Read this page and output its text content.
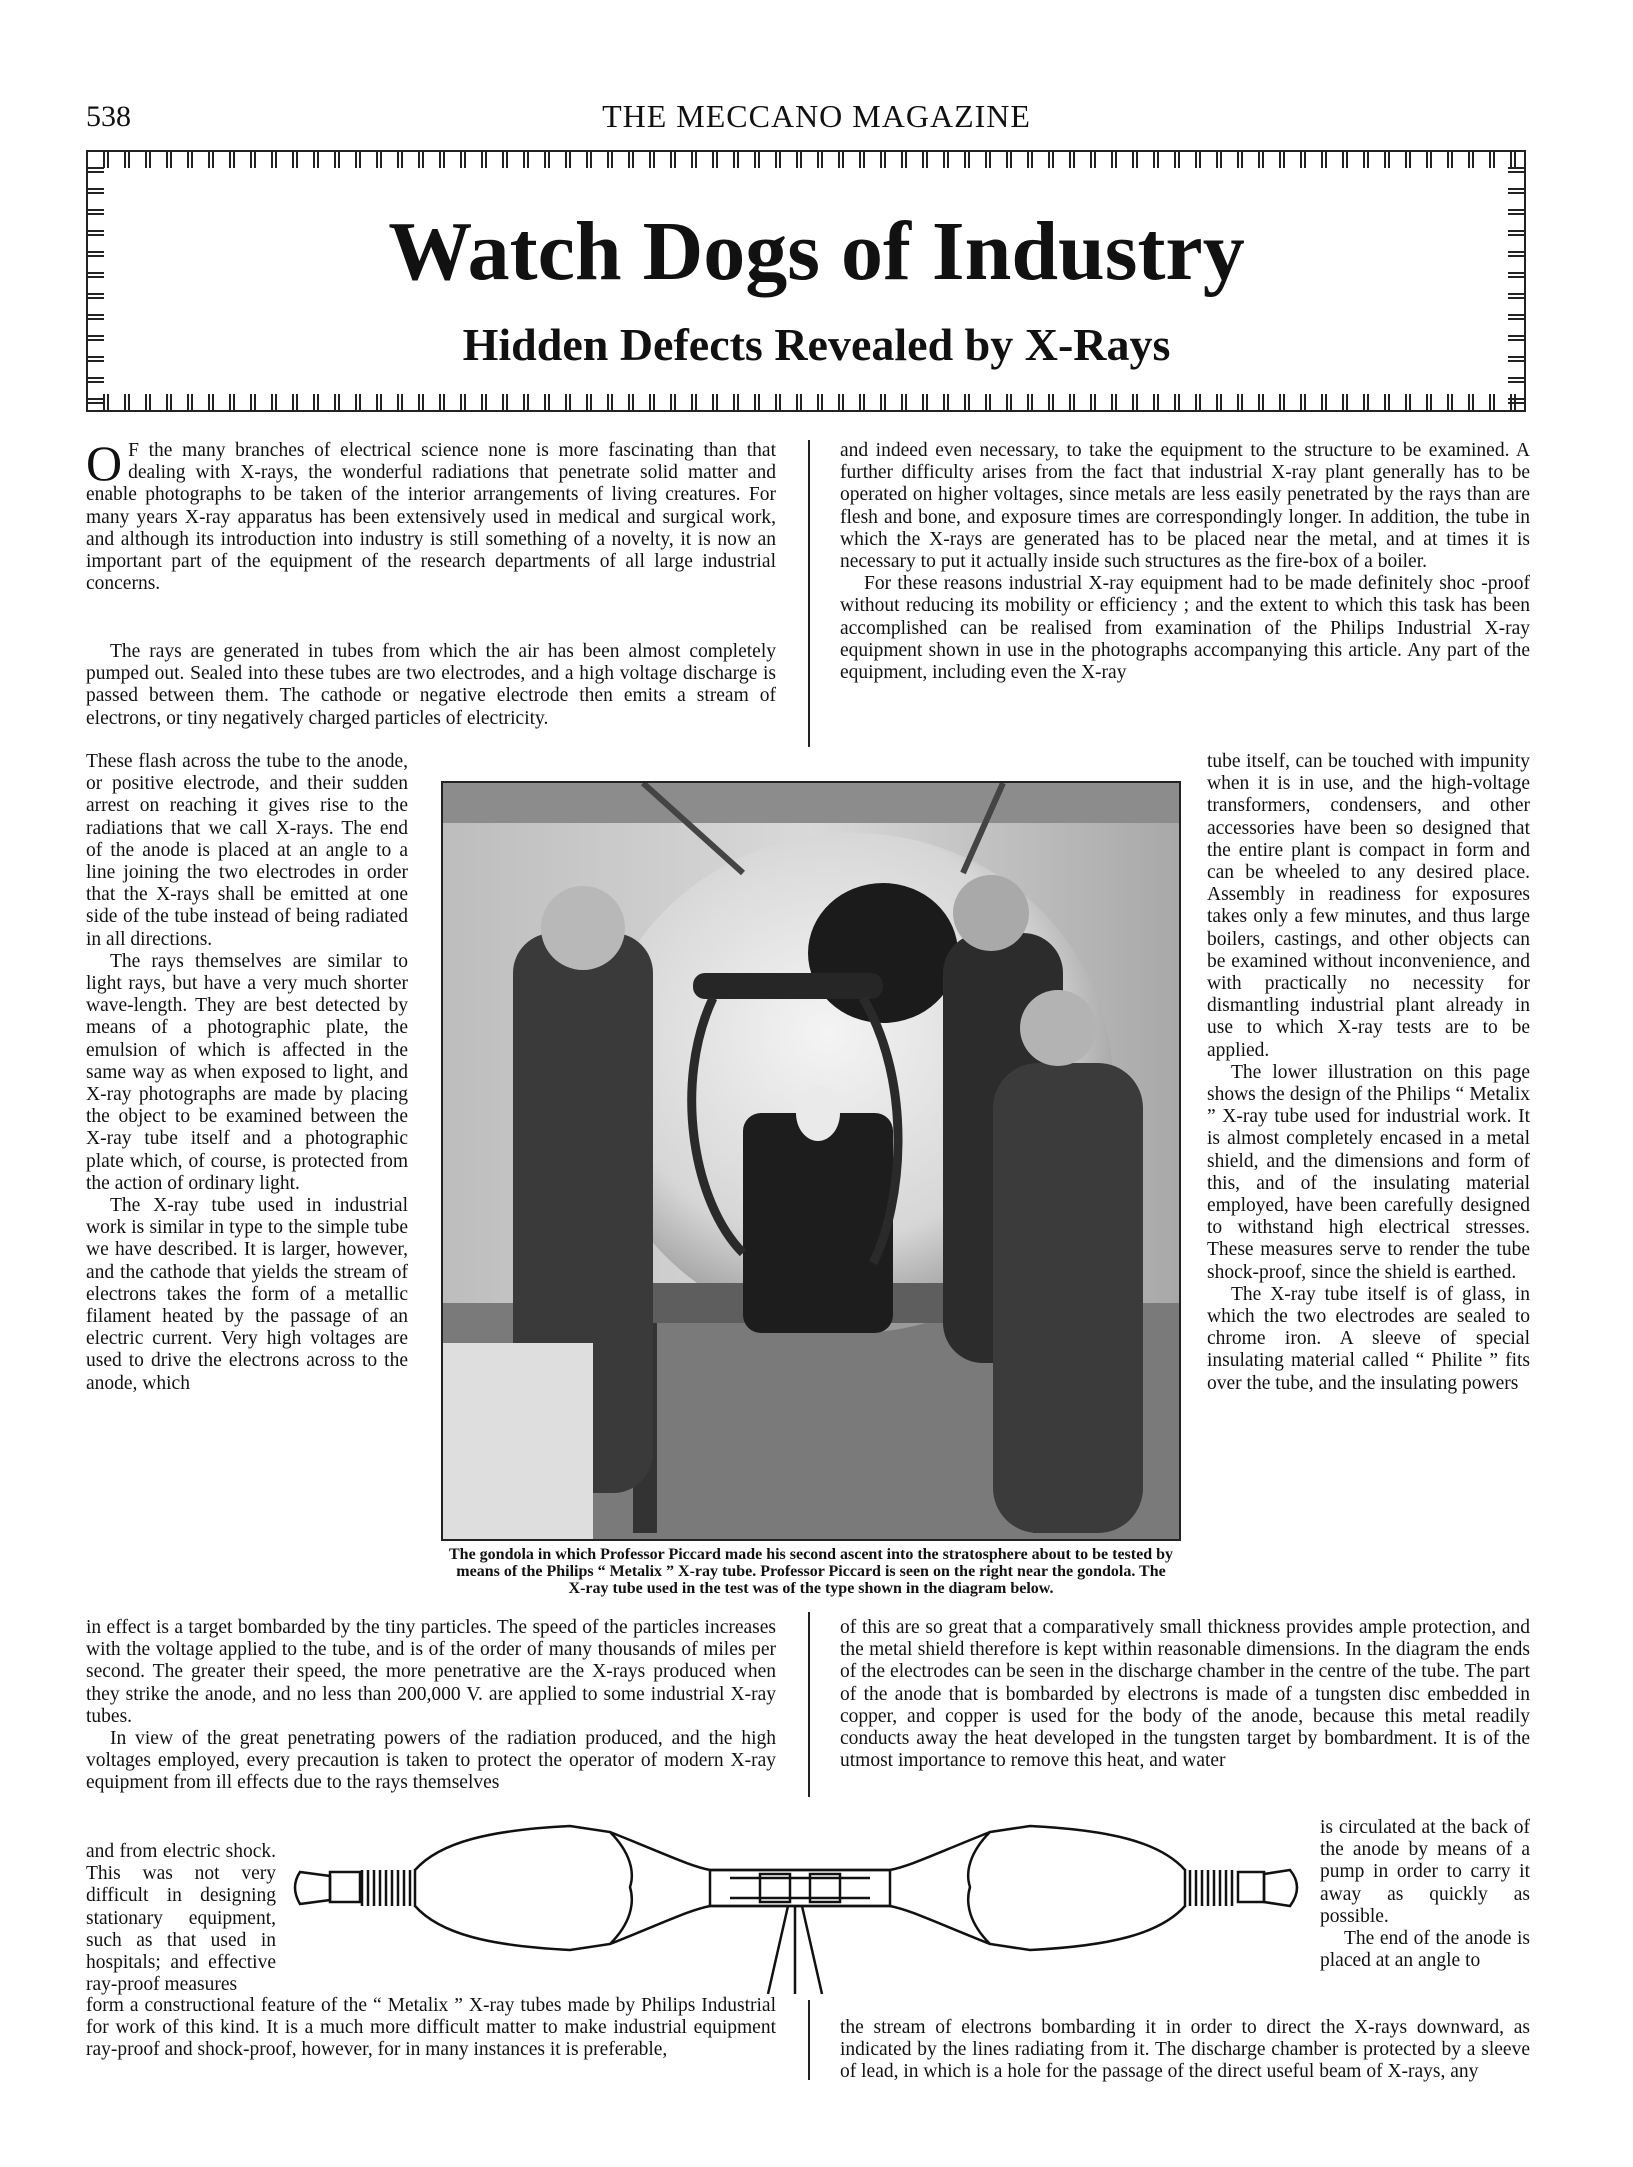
538	THE MECCANO MAGAZINE
Watch Dogs of Industry
Hidden Defects Revealed by X-Rays
O F the many branches of electrical science none is more fascinating than that dealing with X-rays, the wonderful radiations that penetrate solid matter and enable photographs to be taken of the interior arrangements of living creatures. For many years X-ray apparatus has been extensively used in medical and surgical work, and although its introduction into industry is still something of a novelty, it is now an important part of the equipment of the research departments of all large industrial concerns.
The rays are generated in tubes from which the air has been almost completely pumped out. Sealed into these tubes are two electrodes, and a high voltage discharge is passed between them. The cathode or negative electrode then emits a stream of electrons, or tiny negatively charged particles of electricity.
These flash across the tube to the anode, or positive electrode, and their sudden arrest on reaching it gives rise to the radiations that we call X-rays. The end of the anode is placed at an angle to a line joining the two electrodes in order that the X-rays shall be emitted at one side of the tube instead of being radiated in all directions.
The rays themselves are similar to light rays, but have a very much shorter wave-length. They are best detected by means of a photographic plate, the emulsion of which is affected in the same way as when exposed to light, and X-ray photographs are made by placing the object to be examined between the X-ray tube itself and a photographic plate which, of course, is protected from the action of ordinary light.
The X-ray tube used in industrial work is similar in type to the simple tube we have described. It is larger, however, and the cathode that yields the stream of electrons takes the form of a metallic filament heated by the passage of an electric current. Very high voltages are used to drive the electrons across to the anode, which
The gondola in which Professor Piccard made his second ascent into the stratosphere about to be tested by means of the Philips “ Metalix ” X-ray tube. Professor Piccard is seen on the right near the gondola. The X-ray tube used in the test was of the type shown in the diagram below.
in effect is a target bombarded by the tiny particles. The speed of the particles increases with the voltage applied to the tube, and is of the order of many thousands of miles per second. The greater their speed, the more penetrative are the X-rays produced when they strike the anode, and no less than 200,000 V. are applied to some industrial X-ray tubes.
In view of the great penetrating powers of the radiation produced, and the high voltages employed, every precaution is taken to protect the operator of modern X-ray equipment from ill effects due to the rays themselves
and from electric shock. This was not very difficult in designing stationary equipment, such as that used in hospitals; and effective ray-proof measures
form a constructional feature of the “ Metalix ” X-ray tubes made by Philips Industrial for work of this kind. It is a much more difficult matter to make industrial equipment ray-proof and shock-proof, however, for in many instances it is preferable,
and indeed even necessary, to take the equipment to the structure to be examined. A further difficulty arises from the fact that industrial X-ray plant generally has to be operated on higher voltages, since metals are less easily penetrated by the rays than are flesh and bone, and exposure times are correspondingly longer. In addition, the tube in which the X-rays are generated has to be placed near the metal, and at times it is necessary to put it actually inside such structures as the fire-box of a boiler.
For these reasons industrial X-ray equipment had to be made definitely shoc -proof without reducing its mobility or efficiency ; and the extent to which this task has been accomplished can be realised from examination of the Philips Industrial X-ray equipment shown in use in the photographs accompanying this article. Any part of the equipment, including even the X-ray
tube itself, can be touched with impunity when it is in use, and the high-voltage transformers, condensers, and other accessories have been so designed that the entire plant is compact in form and can be wheeled to any desired place. Assembly in readiness for exposures takes only a few minutes, and thus large boilers, castings, and other objects can be examined without inconvenience, and with practically no necessity for dismantling industrial plant already in use to which X-ray tests are to be applied.
The lower illustration on this page shows the design of the Philips “ Metalix ” X-ray tube used for industrial work. It is almost completely encased in a metal shield, and the dimensions and form of this, and of the insulating material employed, have been carefully designed to withstand high electrical stresses. These measures serve to render the tube shock-proof, since the shield is earthed.
The X-ray tube itself is of glass, in which the two electrodes are sealed to chrome iron. A sleeve of special insulating material called “ Philite ” fits over the tube, and the insulating powers
of this are so great that a comparatively small thickness provides ample protection, and the metal shield therefore is kept within reasonable dimensions. In the diagram the ends of the electrodes can be seen in the discharge chamber in the centre of the tube. The part of the anode that is bombarded by electrons is made of a tungsten disc embedded in copper, and copper is used for the body of the anode, because this metal readily conducts away the heat developed in the tungsten target by bombardment. It is of the utmost importance to remove this heat, and water
is circulated at the back of the anode by means of a pump in order to carry it away as quickly as possible.
The end of the anode is placed at an angle to
the stream of electrons bombarding it in order to direct the X-rays downward, as indicated by the lines radiating from it. The discharge chamber is protected by a sleeve of lead, in which is a hole for the passage of the direct useful beam of X-rays, any
